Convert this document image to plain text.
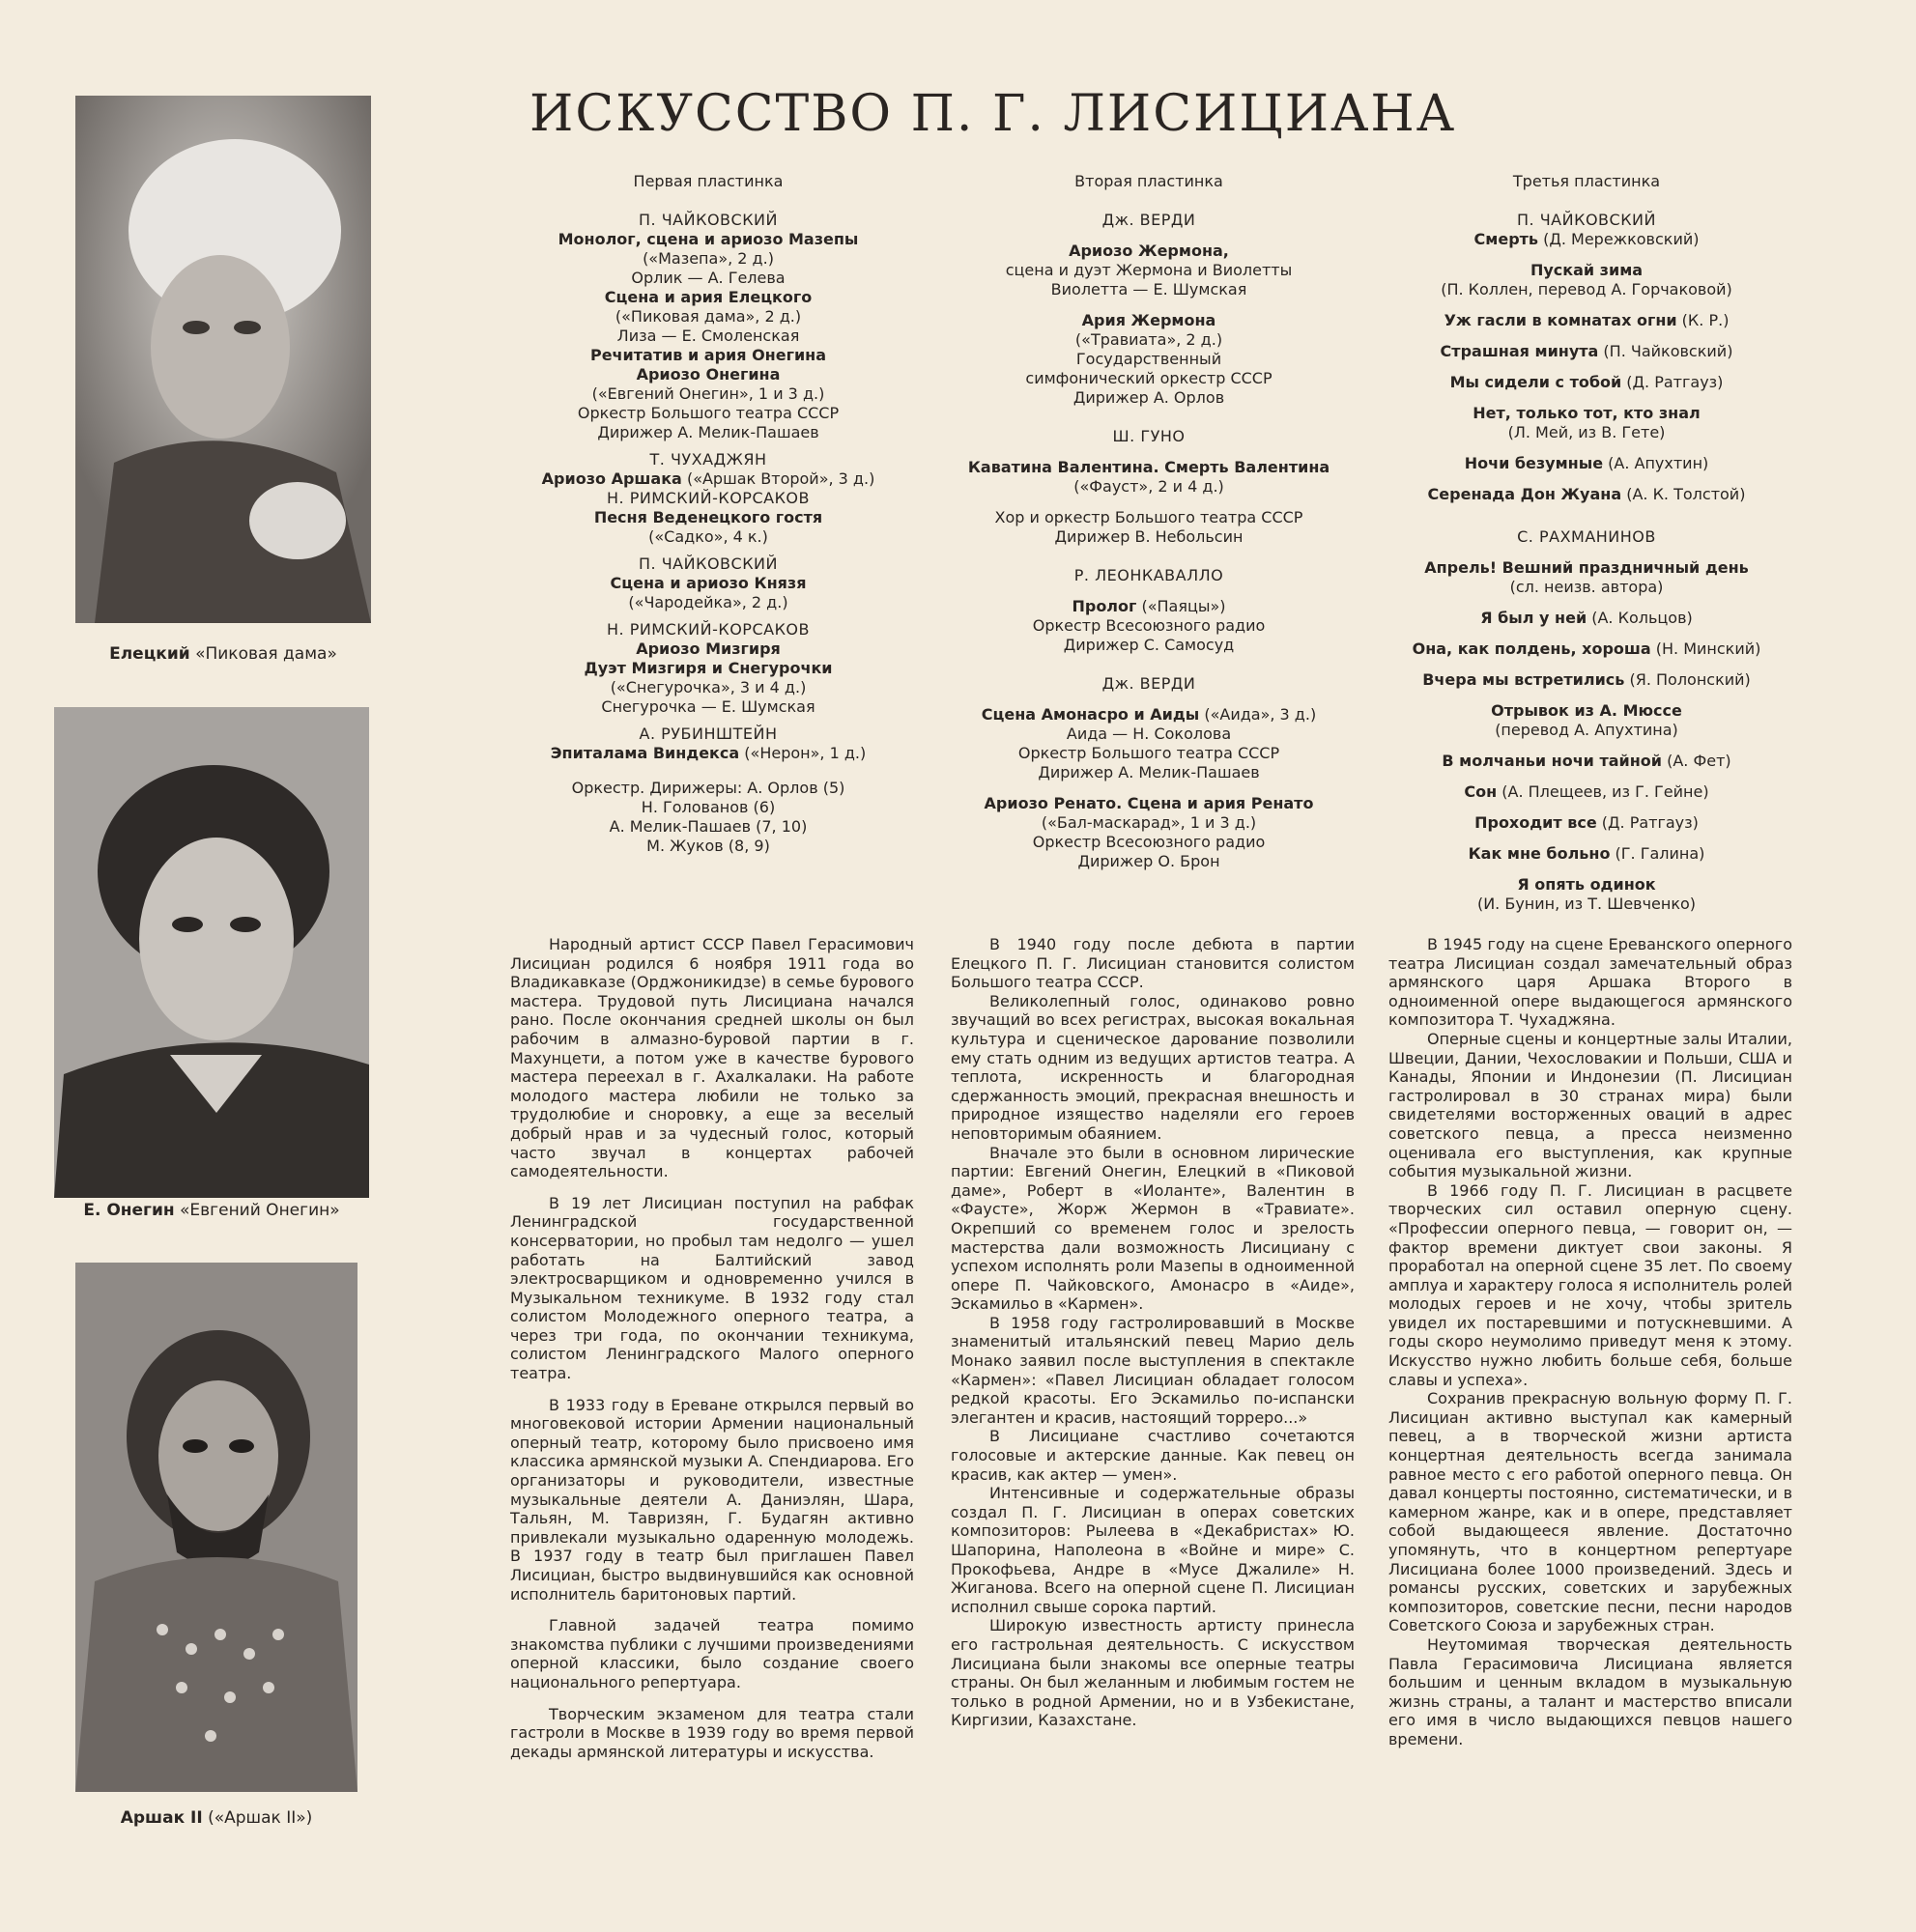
Елецкий «Пиковая дама»
Е. Онегин «Евгений Онегин»
Аршак II («Аршак II»)
ИСКУССТВО П. Г. ЛИСИЦИАНА
Первая пластинка
П. ЧАЙКОВСКИЙ
Монолог, сцена и ариозо Мазепы
(«Мазепа», 2 д.)
Орлик — А. Гелева
Сцена и ария Елецкого
(«Пиковая дама», 2 д.)
Лиза — Е. Смоленская
Речитатив и ария Онегина
Ариозо Онегина
(«Евгений Онегин», 1 и 3 д.)
Оркестр Большого театра СССР
Дирижер А. Мелик-Пашаев
Т. ЧУХАДЖЯН
Ариозо Аршака («Аршак Второй», 3 д.)
Н. РИМСКИЙ-КОРСАКОВ
Песня Веденецкого гостя
(«Садко», 4 к.)
П. ЧАЙКОВСКИЙ
Сцена и ариозо Князя
(«Чародейка», 2 д.)
Н. РИМСКИЙ-КОРСАКОВ
Ариозо Мизгиря
Дуэт Мизгиря и Снегурочки
(«Снегурочка», 3 и 4 д.)
Снегурочка — Е. Шумская
А. РУБИНШТЕЙН
Эпиталама Виндекса («Нерон», 1 д.)
Оркестр. Дирижеры: А. Орлов (5)
Н. Голованов (6)
А. Мелик-Пашаев (7, 10)
М. Жуков (8, 9)
Вторая пластинка
Дж. ВЕРДИ
Ариозо Жермона,
сцена и дуэт Жермона и Виолетты
Виолетта — Е. Шумская
Ария Жермона
(«Травиата», 2 д.)
Государственный
симфонический оркестр СССР
Дирижер А. Орлов
Ш. ГУНО
Каватина Валентина. Смерть Валентина
(«Фауст», 2 и 4 д.)
Хор и оркестр Большого театра СССР
Дирижер В. Небольсин
Р. ЛЕОНКАВАЛЛО
Пролог («Паяцы»)
Оркестр Всесоюзного радио
Дирижер С. Самосуд
Дж. ВЕРДИ
Сцена Амонасро и Аиды («Аида», 3 д.)
Аида — Н. Соколова
Оркестр Большого театра СССР
Дирижер А. Мелик-Пашаев
Ариозо Ренато. Сцена и ария Ренато
(«Бал-маскарад», 1 и 3 д.)
Оркестр Всесоюзного радио
Дирижер О. Брон
Третья пластинка
П. ЧАЙКОВСКИЙ
Смерть (Д. Мережковский)
Пускай зима
(П. Коллен, перевод А. Горчаковой)
Уж гасли в комнатах огни (К. Р.)
Страшная минута (П. Чайковский)
Мы сидели с тобой (Д. Ратгауз)
Нет, только тот, кто знал
(Л. Мей, из В. Гете)
Ночи безумные (А. Апухтин)
Серенада Дон Жуана (А. К. Толстой)
С. РАХМАНИНОВ
Апрель! Вешний праздничный день
(сл. неизв. автора)
Я был у ней (А. Кольцов)
Она, как полдень, хороша (Н. Минский)
Вчера мы встретились (Я. Полонский)
Отрывок из А. Мюссе
(перевод А. Апухтина)
В молчаньи ночи тайной (А. Фет)
Сон (А. Плещеев, из Г. Гейне)
Проходит все (Д. Ратгауз)
Как мне больно (Г. Галина)
Я опять одинок
(И. Бунин, из Т. Шевченко)

Народный артист СССР Павел Герасимович Лисициан родился 6 ноября 1911 года во Владикавказе (Орджоникидзе) в семье бурового мастера. Трудовой путь Лисициана начался рано. После окончания средней школы он был рабочим в алмазно-буровой партии в г. Махунцети, а потом уже в качестве бурового мастера переехал в г. Ахалкалаки. На работе молодого мастера любили не только за трудолюбие и сноровку, а еще за веселый добрый нрав и за чудесный голос, который часто звучал в концертах рабочей самодеятельности.

В 19 лет Лисициан поступил на рабфак Ленинградской государственной консерватории, но пробыл там недолго — ушел работать на Балтийский завод электросварщиком и одновременно учился в Музыкальном техникуме. В 1932 году стал солистом Молодежного оперного театра, а через три года, по окончании техникума, солистом Ленинградского Малого оперного театра.

В 1933 году в Ереване открылся первый во многовековой истории Армении национальный оперный театр, которому было присвоено имя классика армянской музыки А. Спендиарова. Его организаторы и руководители, известные музыкальные деятели А. Даниэлян, Шара, Тальян, М. Тавризян, Г. Будагян активно привлекали музыкально одаренную молодежь. В 1937 году в театр был приглашен Павел Лисициан, быстро выдвинувшийся как основной исполнитель баритоновых партий.

Главной задачей театра помимо знакомства публики с лучшими произведениями оперной классики, было создание своего национального репертуара.

Творческим экзаменом для театра стали гастроли в Москве в 1939 году во время первой декады армянской литературы и искусства.

В 1940 году после дебюта в партии Елецкого П. Г. Лисициан становится солистом Большого театра СССР.

Великолепный голос, одинаково ровно звучащий во всех регистрах, высокая вокальная культура и сценическое дарование позволили ему стать одним из ведущих артистов театра. А теплота, искренность и благородная сдержанность эмоций, прекрасная внешность и природное изящество наделяли его героев неповторимым обаянием.

Вначале это были в основном лирические партии: Евгений Онегин, Елецкий в «Пиковой даме», Роберт в «Иоланте», Валентин в «Фаусте», Жорж Жермон в «Травиате». Окрепший со временем голос и зрелость мастерства дали возможность Лисициану с успехом исполнять роли Мазепы в одноименной опере П. Чайковского, Амонасро в «Аиде», Эскамильо в «Кармен».

В 1958 году гастролировавший в Москве знаменитый итальянский певец Марио дель Монако заявил после выступления в спектакле «Кармен»: «Павел Лисициан обладает голосом редкой красоты. Его Эскамильо по-испански элегантен и красив, настоящий торреро...»

В Лисициане счастливо сочетаются голосовые и актерские данные. Как певец он красив, как актер — умен».

Интенсивные и содержательные образы создал П. Г. Лисициан в операх советских композиторов: Рылеева в «Декабристах» Ю. Шапорина, Наполеона в «Войне и мире» С. Прокофьева, Андре в «Мусе Джалиле» Н. Жиганова. Всего на оперной сцене П. Лисициан исполнил свыше сорока партий.

Широкую известность артисту принесла его гастрольная деятельность. С искусством Лисициана были знакомы все оперные театры страны. Он был желанным и любимым гостем не только в родной Армении, но и в Узбекистане, Киргизии, Казахстане.

В 1945 году на сцене Ереванского оперного театра Лисициан создал замечательный образ армянского царя Аршака Второго в одноименной опере выдающегося армянского композитора Т. Чухаджяна.

Оперные сцены и концертные залы Италии, Швеции, Дании, Чехословакии и Польши, США и Канады, Японии и Индонезии (П. Лисициан гастролировал в 30 странах мира) были свидетелями восторженных оваций в адрес советского певца, а пресса неизменно оценивала его выступления, как крупные события музыкальной жизни.

В 1966 году П. Г. Лисициан в расцвете творческих сил оставил оперную сцену. «Профессии оперного певца, — говорит он, — фактор времени диктует свои законы. Я проработал на оперной сцене 35 лет. По своему амплуа и характеру голоса я исполнитель ролей молодых героев и не хочу, чтобы зритель увидел их постаревшими и потускневшими. А годы скоро неумолимо приведут меня к этому. Искусство нужно любить больше себя, больше славы и успеха».

Сохранив прекрасную вольную форму П. Г. Лисициан активно выступал как камерный певец, а в творческой жизни артиста концертная деятельность всегда занимала равное место с его работой оперного певца. Он давал концерты постоянно, систематически, и в камерном жанре, как и в опере, представляет собой выдающееся явление. Достаточно упомянуть, что в концертном репертуаре Лисициана более 1000 произведений. Здесь и романсы русских, советских и зарубежных композиторов, советские песни, песни народов Советского Союза и зарубежных стран.

Неутомимая творческая деятельность Павла Герасимовича Лисициана является большим и ценным вкладом в музыкальную жизнь страны, а талант и мастерство вписали его имя в число выдающихся певцов нашего времени.
